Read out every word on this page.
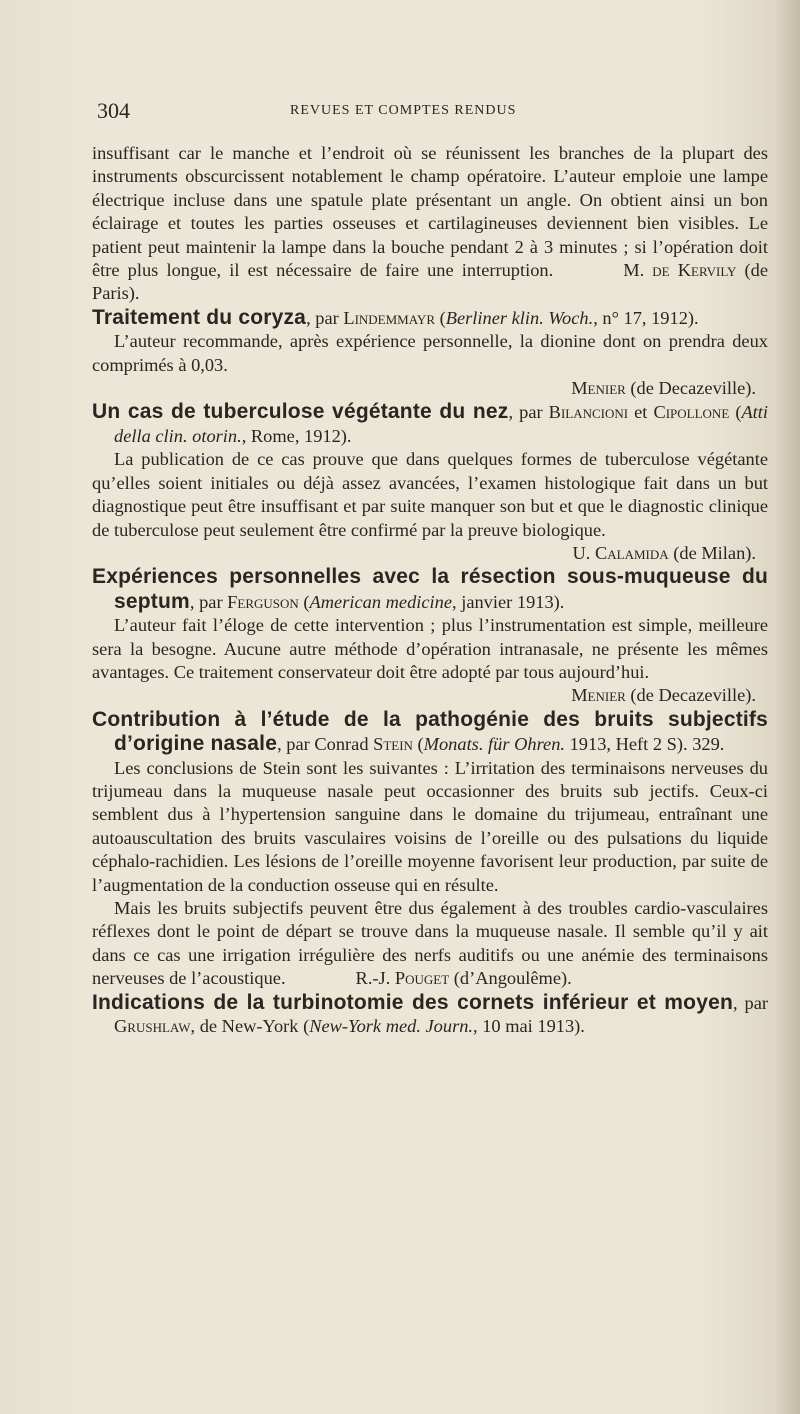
304	REVUES ET COMPTES RENDUS

insuffisant car le manche et l’endroit où se réunissent les branches de la plupart des instruments obscurcissent notablement le champ opératoire. L’auteur emploie une lampe électrique incluse dans une spatule plate présentant un angle. On obtient ainsi un bon éclairage et toutes les parties osseuses et cartilagineuses deviennent bien visibles. Le patient peut maintenir la lampe dans la bouche pendant 2 à 3 minutes ; si l’opération doit être plus longue, il est nécessaire de faire une interruption.	M. de Kervily (de Paris).

Traitement du coryza, par Lindemmayr (Berliner klin. Woch., n° 17, 1912).

L’auteur recommande, après expérience personnelle, la dionine dont on prendra deux comprimés à 0,03.

Menier (de Decazeville).

Un cas de tuberculose végétante du nez, par Bilancioni et Cipollone (Atti della clin. otorin., Rome, 1912).

La publication de ce cas prouve que dans quelques formes de tuberculose végétante qu’elles soient initiales ou déjà assez avancées, l’examen histologique fait dans un but diagnostique peut être insuffisant et par suite manquer son but et que le diagnostic clinique de tuberculose peut seulement être confirmé par la preuve biologique.

U. Calamida (de Milan).

Expériences personnelles avec la résection sous-muqueuse du septum, par Ferguson (American medicine, janvier 1913).

L’auteur fait l’éloge de cette intervention ; plus l’instrumentation est simple, meilleure sera la besogne. Aucune autre méthode d’opération intranasale, ne présente les mêmes avantages. Ce traitement conservateur doit être adopté par tous aujourd’hui.

Menier (de Decazeville).

Contribution à l’étude de la pathogénie des bruits subjectifs d’origine nasale, par Conrad Stein (Monats. für Ohren. 1913, Heft 2 S). 329.

Les conclusions de Stein sont les suivantes : L’irritation des terminaisons nerveuses du trijumeau dans la muqueuse nasale peut occasionner des bruits sub jectifs. Ceux-ci semblent dus à l’hypertension sanguine dans le domaine du trijumeau, entraînant une autoauscultation des bruits vasculaires voisins de l’oreille ou des pulsations du liquide céphalo-rachidien. Les lésions de l’oreille moyenne favorisent leur production, par suite de l’augmentation de la conduction osseuse qui en résulte.

Mais les bruits subjectifs peuvent être dus également à des troubles cardio-vasculaires réflexes dont le point de départ se trouve dans la muqueuse nasale. Il semble qu’il y ait dans ce cas une irrigation irrégulière des nerfs auditifs ou une anémie des terminaisons nerveuses de l’acoustique.	R.-J. Pouget (d’Angoulême).

Indications de la turbinotomie des cornets inférieur et moyen, par Grushlaw, de New-York (New-York med. Journ., 10 mai 1913).
